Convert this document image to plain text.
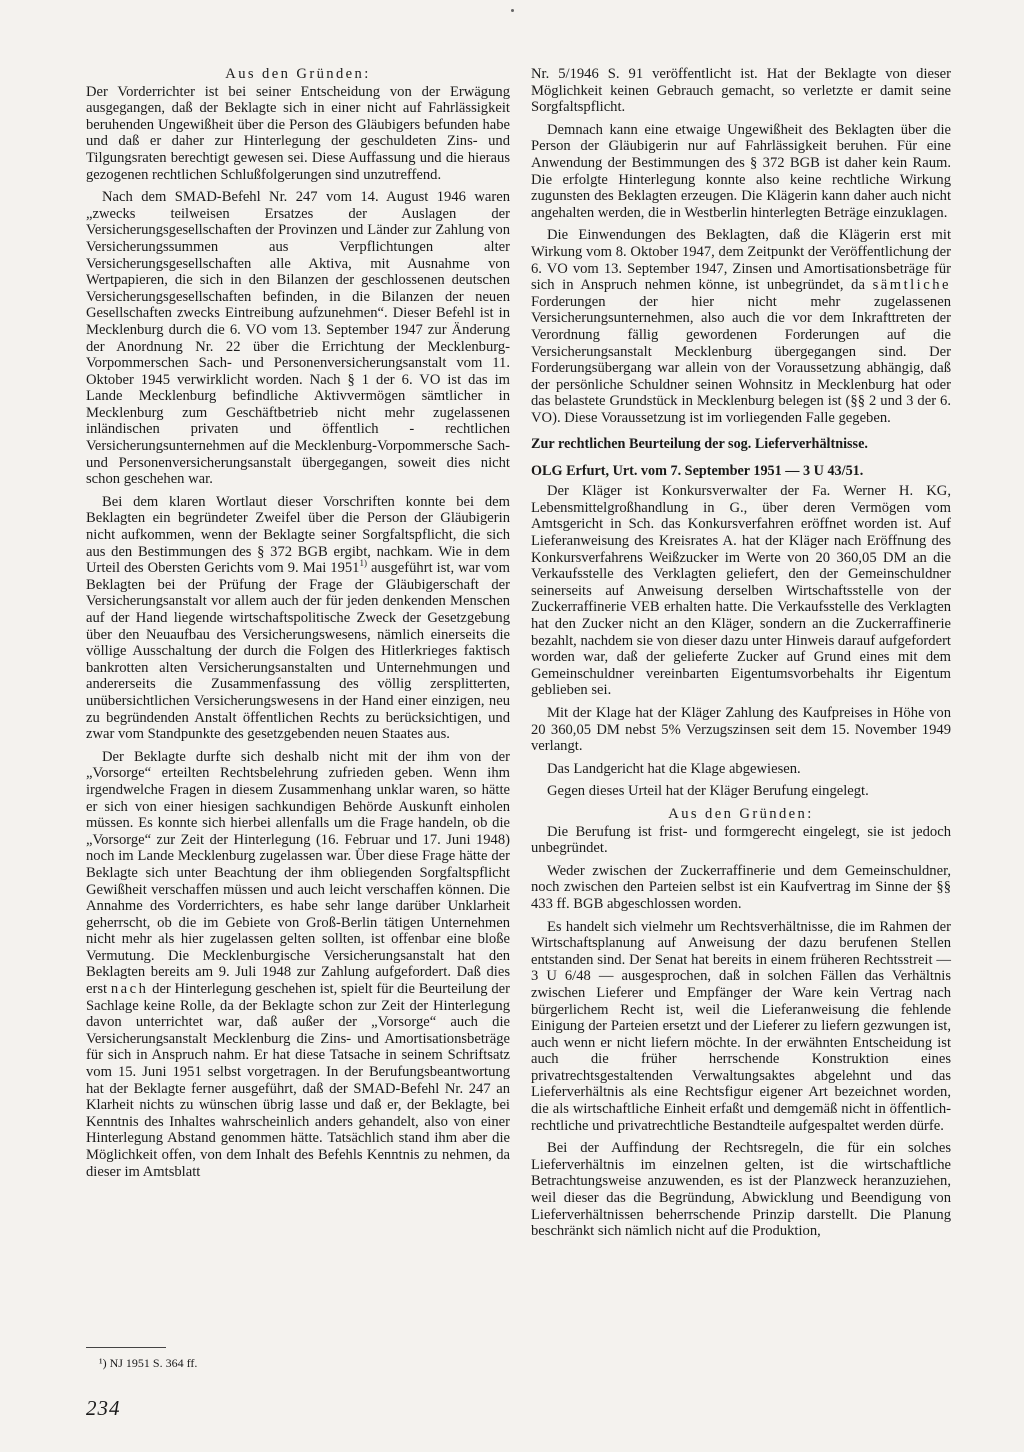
Aus den Gründen:

Der Vorderrichter ist bei seiner Entscheidung von der Erwägung ausgegangen, daß der Beklagte sich in einer nicht auf Fahrlässigkeit beruhenden Ungewißheit über die Person des Gläubigers befunden habe und daß er daher zur Hinterlegung der geschuldeten Zins- und Tilgungsraten berechtigt gewesen sei. Diese Auffassung und die hieraus gezogenen rechtlichen Schlußfolgerungen sind unzutreffend.

Nach dem SMAD-Befehl Nr. 247 vom 14. August 1946 waren „zwecks teilweisen Ersatzes der Auslagen der Versicherungsgesellschaften der Provinzen und Länder zur Zahlung von Versicherungssummen aus Verpflichtungen alter Versicherungsgesellschaften alle Aktiva, mit Ausnahme von Wertpapieren, die sich in den Bilanzen der geschlossenen deutschen Versicherungsgesellschaften befinden, in die Bilanzen der neuen Gesellschaften zwecks Eintreibung aufzunehmen“. Dieser Befehl ist in Mecklenburg durch die 6. VO vom 13. September 1947 zur Änderung der Anordnung Nr. 22 über die Errichtung der Mecklenburg-Vorpommerschen Sach- und Personenversicherungsanstalt vom 11. Oktober 1945 verwirklicht worden. Nach § 1 der 6. VO ist das im Lande Mecklenburg befindliche Aktivvermögen sämtlicher in Mecklenburg zum Geschäftbetrieb nicht mehr zugelassenen inländischen privaten und öffentlich - rechtlichen Versicherungsunternehmen auf die Mecklenburg-Vorpommersche Sach- und Personenversicherungsanstalt übergegangen, soweit dies nicht schon geschehen war.

Bei dem klaren Wortlaut dieser Vorschriften konnte bei dem Beklagten ein begründeter Zweifel über die Person der Gläubigerin nicht aufkommen, wenn der Beklagte seiner Sorgfaltspflicht, die sich aus den Bestimmungen des § 372 BGB ergibt, nachkam. Wie in dem Urteil des Obersten Gerichts vom 9. Mai 1951$^{1)}$ ausgeführt ist, war vom Beklagten bei der Prüfung der Frage der Gläubigerschaft der Versicherungsanstalt vor allem auch der für jeden denkenden Menschen auf der Hand liegende wirtschaftspolitische Zweck der Gesetzgebung über den Neuaufbau des Versicherungswesens, nämlich einerseits die völlige Ausschaltung der durch die Folgen des Hitlerkrieges faktisch bankrotten alten Versicherungsanstalten und Unternehmungen und andererseits die Zusammenfassung des völlig zersplitterten, unübersichtlichen Versicherungswesens in der Hand einer einzigen, neu zu begründenden Anstalt öffentlichen Rechts zu berücksichtigen, und zwar vom Standpunkte des gesetzgebenden neuen Staates aus.

Der Beklagte durfte sich deshalb nicht mit der ihm von der „Vorsorge“ erteilten Rechtsbelehrung zufrieden geben. Wenn ihm irgendwelche Fragen in diesem Zusammenhang unklar waren, so hätte er sich von einer hiesigen sachkundigen Behörde Auskunft einholen müssen. Es konnte sich hierbei allenfalls um die Frage handeln, ob die „Vorsorge“ zur Zeit der Hinterlegung (16. Februar und 17. Juni 1948) noch im Lande Mecklenburg zugelassen war. Über diese Frage hätte der Beklagte sich unter Beachtung der ihm obliegenden Sorgfaltspflicht Gewißheit verschaffen müssen und auch leicht verschaffen können. Die Annahme des Vorderrichters, es habe sehr lange darüber Unklarheit geherrscht, ob die im Gebiete von Groß-Berlin tätigen Unternehmen nicht mehr als hier zugelassen gelten sollten, ist offenbar eine bloße Vermutung. Die Mecklenburgische Versicherungsanstalt hat den Beklagten bereits am 9. Juli 1948 zur Zahlung aufgefordert. Daß dies erst nach der Hinterlegung geschehen ist, spielt für die Beurteilung der Sachlage keine Rolle, da der Beklagte schon zur Zeit der Hinterlegung davon unterrichtet war, daß außer der „Vorsorge“ auch die Versicherungsanstalt Mecklenburg die Zins- und Amortisationsbeträge für sich in Anspruch nahm. Er hat diese Tatsache in seinem Schriftsatz vom 15. Juni 1951 selbst vorgetragen. In der Berufungsbeantwortung hat der Beklagte ferner ausgeführt, daß der SMAD-Befehl Nr. 247 an Klarheit nichts zu wünschen übrig lasse und daß er, der Beklagte, bei Kenntnis des Inhaltes wahrscheinlich anders gehandelt, also von einer Hinterlegung Abstand genommen hätte. Tatsächlich stand ihm aber die Möglichkeit offen, von dem Inhalt des Befehls Kenntnis zu nehmen, da dieser im Amtsblatt

Nr. 5/1946 S. 91 veröffentlicht ist. Hat der Beklagte von dieser Möglichkeit keinen Gebrauch gemacht, so verletzte er damit seine Sorgfaltspflicht.

Demnach kann eine etwaige Ungewißheit des Beklagten über die Person der Gläubigerin nur auf Fahrlässigkeit beruhen. Für eine Anwendung der Bestimmungen des § 372 BGB ist daher kein Raum. Die erfolgte Hinterlegung konnte also keine rechtliche Wirkung zugunsten des Beklagten erzeugen. Die Klägerin kann daher auch nicht angehalten werden, die in Westberlin hinterlegten Beträge einzuklagen.

Die Einwendungen des Beklagten, daß die Klägerin erst mit Wirkung vom 8. Oktober 1947, dem Zeitpunkt der Veröffentlichung der 6. VO vom 13. September 1947, Zinsen und Amortisationsbeträge für sich in Anspruch nehmen könne, ist unbegründet, da sämtliche Forderungen der hier nicht mehr zugelassenen Versicherungsunternehmen, also auch die vor dem Inkrafttreten der Verordnung fällig gewordenen Forderungen auf die Versicherungsanstalt Mecklenburg übergegangen sind. Der Forderungsübergang war allein von der Voraussetzung abhängig, daß der persönliche Schuldner seinen Wohnsitz in Mecklenburg hat oder das belastete Grundstück in Mecklenburg belegen ist (§§ 2 und 3 der 6. VO). Diese Voraussetzung ist im vorliegenden Falle gegeben.

Zur rechtlichen Beurteilung der sog. Lieferverhältnisse.
OLG Erfurt, Urt. vom 7. September 1951 — 3 U 43/51.

Der Kläger ist Konkursverwalter der Fa. Werner H. KG, Lebensmittelgroßhandlung in G., über deren Vermögen vom Amtsgericht in Sch. das Konkursverfahren eröffnet worden ist. Auf Lieferanweisung des Kreisrates A. hat der Kläger nach Eröffnung des Konkursverfahrens Weißzucker im Werte von 20 360,05 DM an die Verkaufsstelle des Verklagten geliefert, den der Gemeinschuldner seinerseits auf Anweisung derselben Wirtschaftsstelle von der Zuckerraffinerie VEB erhalten hatte. Die Verkaufsstelle des Verklagten hat den Zucker nicht an den Kläger, sondern an die Zuckerraffinerie bezahlt, nachdem sie von dieser dazu unter Hinweis darauf aufgefordert worden war, daß der gelieferte Zucker auf Grund eines mit dem Gemeinschuldner vereinbarten Eigentumsvorbehalts ihr Eigentum geblieben sei.

Mit der Klage hat der Kläger Zahlung des Kaufpreises in Höhe von 20 360,05 DM nebst 5% Verzugszinsen seit dem 15. November 1949 verlangt.

Das Landgericht hat die Klage abgewiesen.

Gegen dieses Urteil hat der Kläger Berufung eingelegt.

Aus den Gründen:

Die Berufung ist frist- und formgerecht eingelegt, sie ist jedoch unbegründet.

Weder zwischen der Zuckerraffinerie und dem Gemeinschuldner, noch zwischen den Parteien selbst ist ein Kaufvertrag im Sinne der §§ 433 ff. BGB abgeschlossen worden.

Es handelt sich vielmehr um Rechtsverhältnisse, die im Rahmen der Wirtschaftsplanung auf Anweisung der dazu berufenen Stellen entstanden sind. Der Senat hat bereits in einem früheren Rechtsstreit — 3 U 6/48 — ausgesprochen, daß in solchen Fällen das Verhältnis zwischen Lieferer und Empfänger der Ware kein Vertrag nach bürgerlichem Recht ist, weil die Lieferanweisung die fehlende Einigung der Parteien ersetzt und der Lieferer zu liefern gezwungen ist, auch wenn er nicht liefern möchte. In der erwähnten Entscheidung ist auch die früher herrschende Konstruktion eines privatrechtsgestaltenden Verwaltungsaktes abgelehnt und das Lieferverhältnis als eine Rechtsfigur eigener Art bezeichnet worden, die als wirtschaftliche Einheit erfaßt und demgemäß nicht in öffentlich-rechtliche und privatrechtliche Bestandteile aufgespaltet werden dürfe.

Bei der Auffindung der Rechtsregeln, die für ein solches Lieferverhältnis im einzelnen gelten, ist die wirtschaftliche Betrachtungsweise anzuwenden, es ist der Planzweck heranzuziehen, weil dieser das die Begründung, Abwicklung und Beendigung von Lieferverhältnissen beherrschende Prinzip darstellt. Die Planung beschränkt sich nämlich nicht auf die Produktion,

¹) NJ 1951 S. 364 ff.
234
